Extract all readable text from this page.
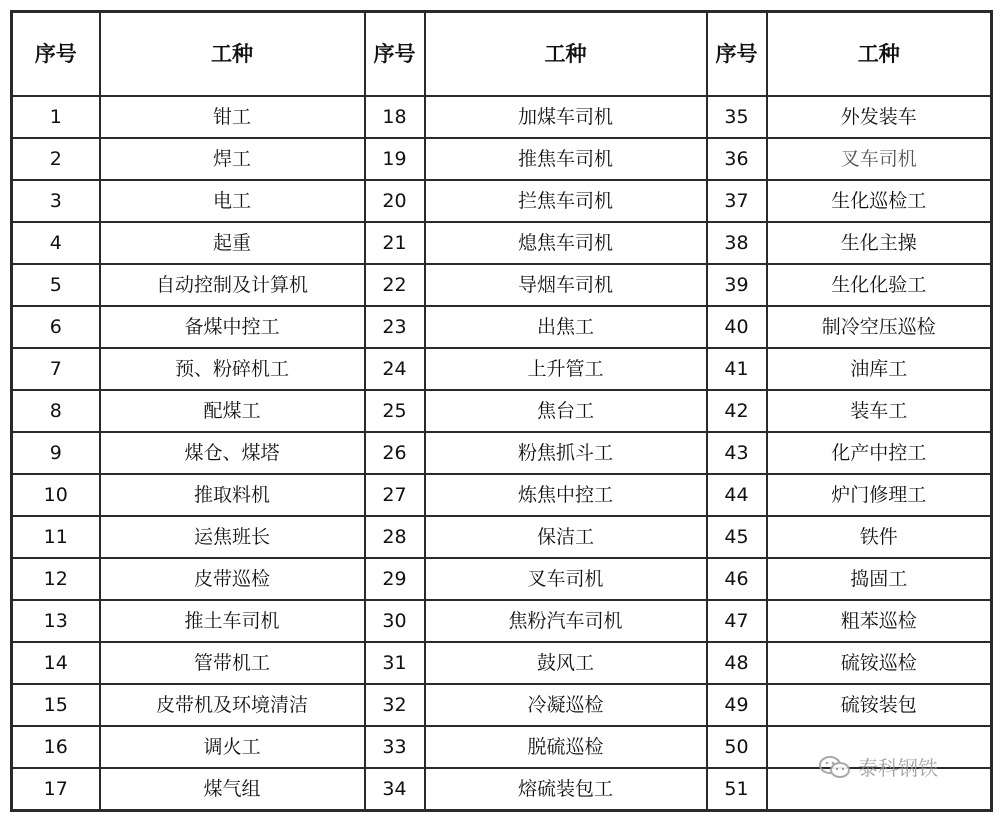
序号	工种	序号	工种	序号	工种
1	钳工	18	加煤车司机	35	外发装车
2	焊工	19	推焦车司机	36	叉车司机
3	电工	20	拦焦车司机	37	生化巡检工
4	起重	21	熄焦车司机	38	生化主操
5	自动控制及计算机	22	导烟车司机	39	生化化验工
6	备煤中控工	23	出焦工	40	制冷空压巡检
7	预、粉碎机工	24	上升管工	41	油库工
8	配煤工	25	焦台工	42	装车工
9	煤仓、煤塔	26	粉焦抓斗工	43	化产中控工
10	推取料机	27	炼焦中控工	44	炉门修理工
11	运焦班长	28	保洁工	45	铁件
12	皮带巡检	29	叉车司机	46	捣固工
13	推土车司机	30	焦粉汽车司机	47	粗苯巡检
14	管带机工	31	鼓风工	48	硫铵巡检
15	皮带机及环境清洁	32	冷凝巡检	49	硫铵装包
16	调火工	33	脱硫巡检	50	
17	煤气组	34	熔硫装包工	51	
泰科钢铁
